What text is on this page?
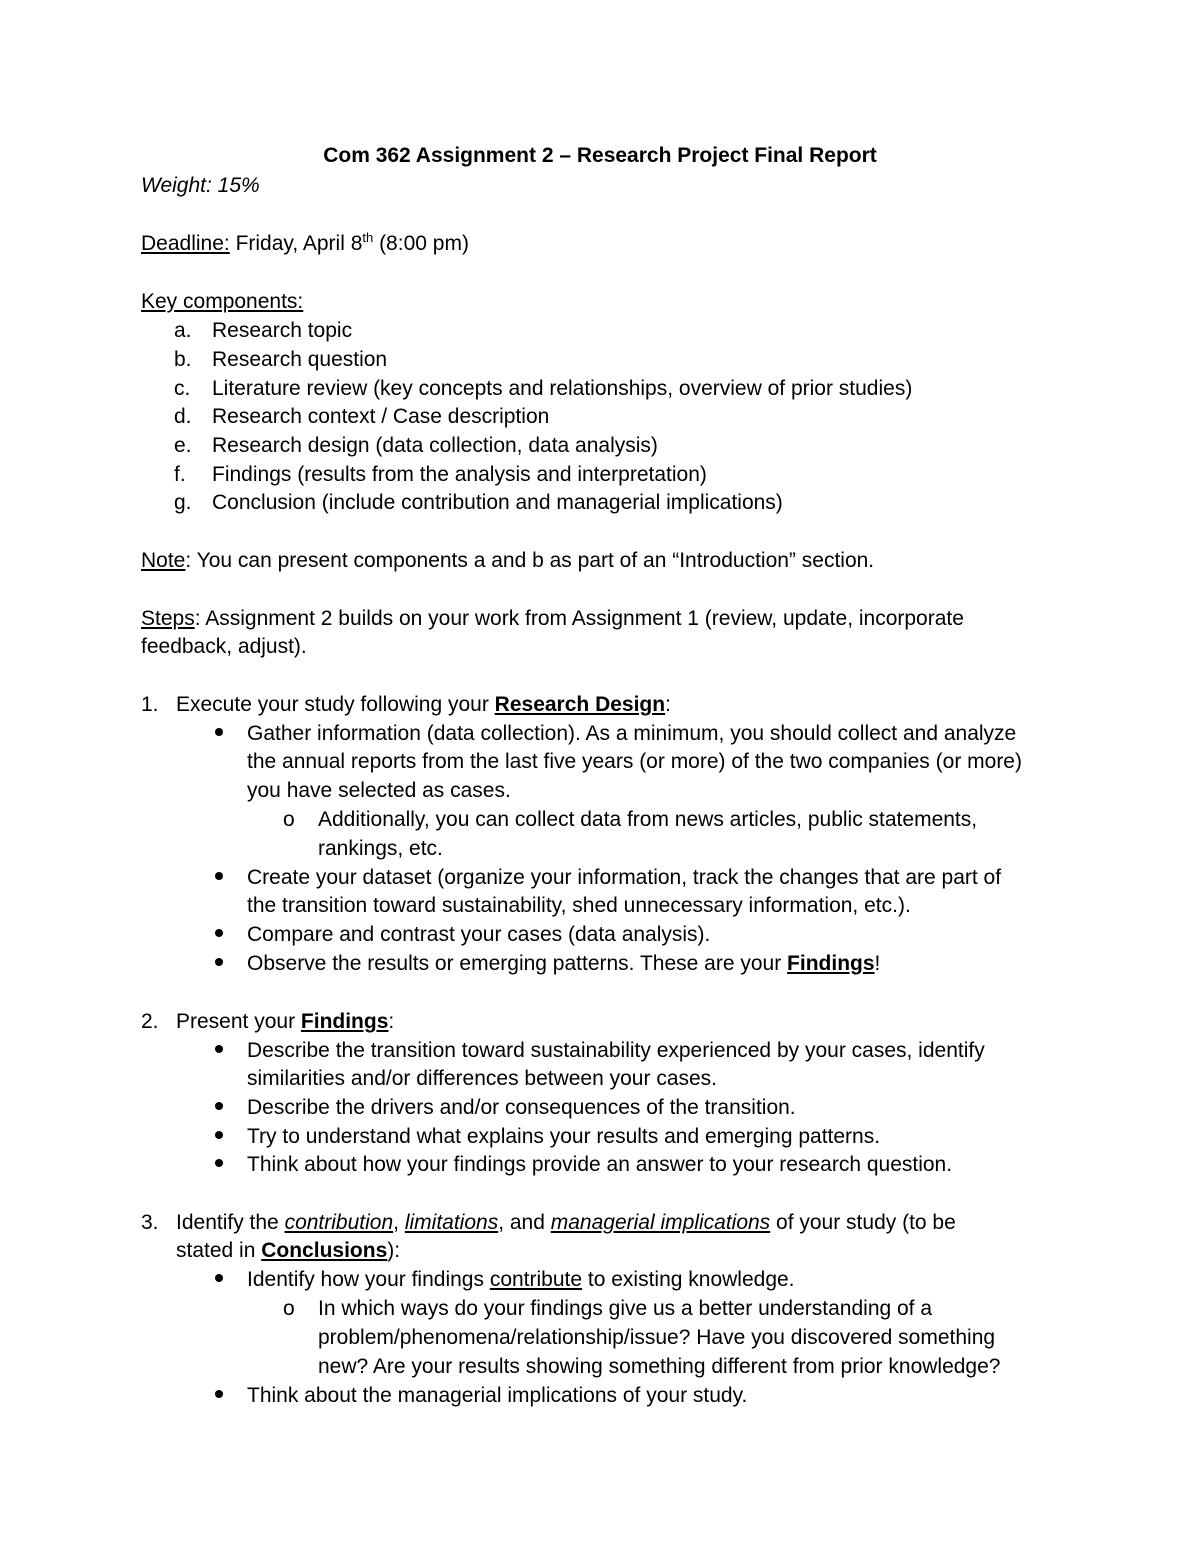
Com 362 Assignment 2 – Research Project Final Report
Weight: 15%
Deadline: Friday, April 8th (8:00 pm)
Key components:
a. Research topic
b. Research question
c. Literature review (key concepts and relationships, overview of prior studies)
d. Research context / Case description
e. Research design (data collection, data analysis)
f. Findings (results from the analysis and interpretation)
g. Conclusion (include contribution and managerial implications)
Note: You can present components a and b as part of an “Introduction” section.
Steps: Assignment 2 builds on your work from Assignment 1 (review, update, incorporate
feedback, adjust).
1. Execute your study following your Research Design:
Gather information (data collection). As a minimum, you should collect and analyze
the annual reports from the last five years (or more) of the two companies (or more)
you have selected as cases.
o Additionally, you can collect data from news articles, public statements,
rankings, etc.
Create your dataset (organize your information, track the changes that are part of
the transition toward sustainability, shed unnecessary information, etc.).
Compare and contrast your cases (data analysis).
Observe the results or emerging patterns. These are your Findings!
2. Present your Findings:
Describe the transition toward sustainability experienced by your cases, identify
similarities and/or differences between your cases.
Describe the drivers and/or consequences of the transition.
Try to understand what explains your results and emerging patterns.
Think about how your findings provide an answer to your research question.
3. Identify the contribution, limitations, and managerial implications of your study (to be
stated in Conclusions):
Identify how your findings contribute to existing knowledge.
o In which ways do your findings give us a better understanding of a
problem/phenomena/relationship/issue? Have you discovered something
new? Are your results showing something different from prior knowledge?
Think about the managerial implications of your study.
